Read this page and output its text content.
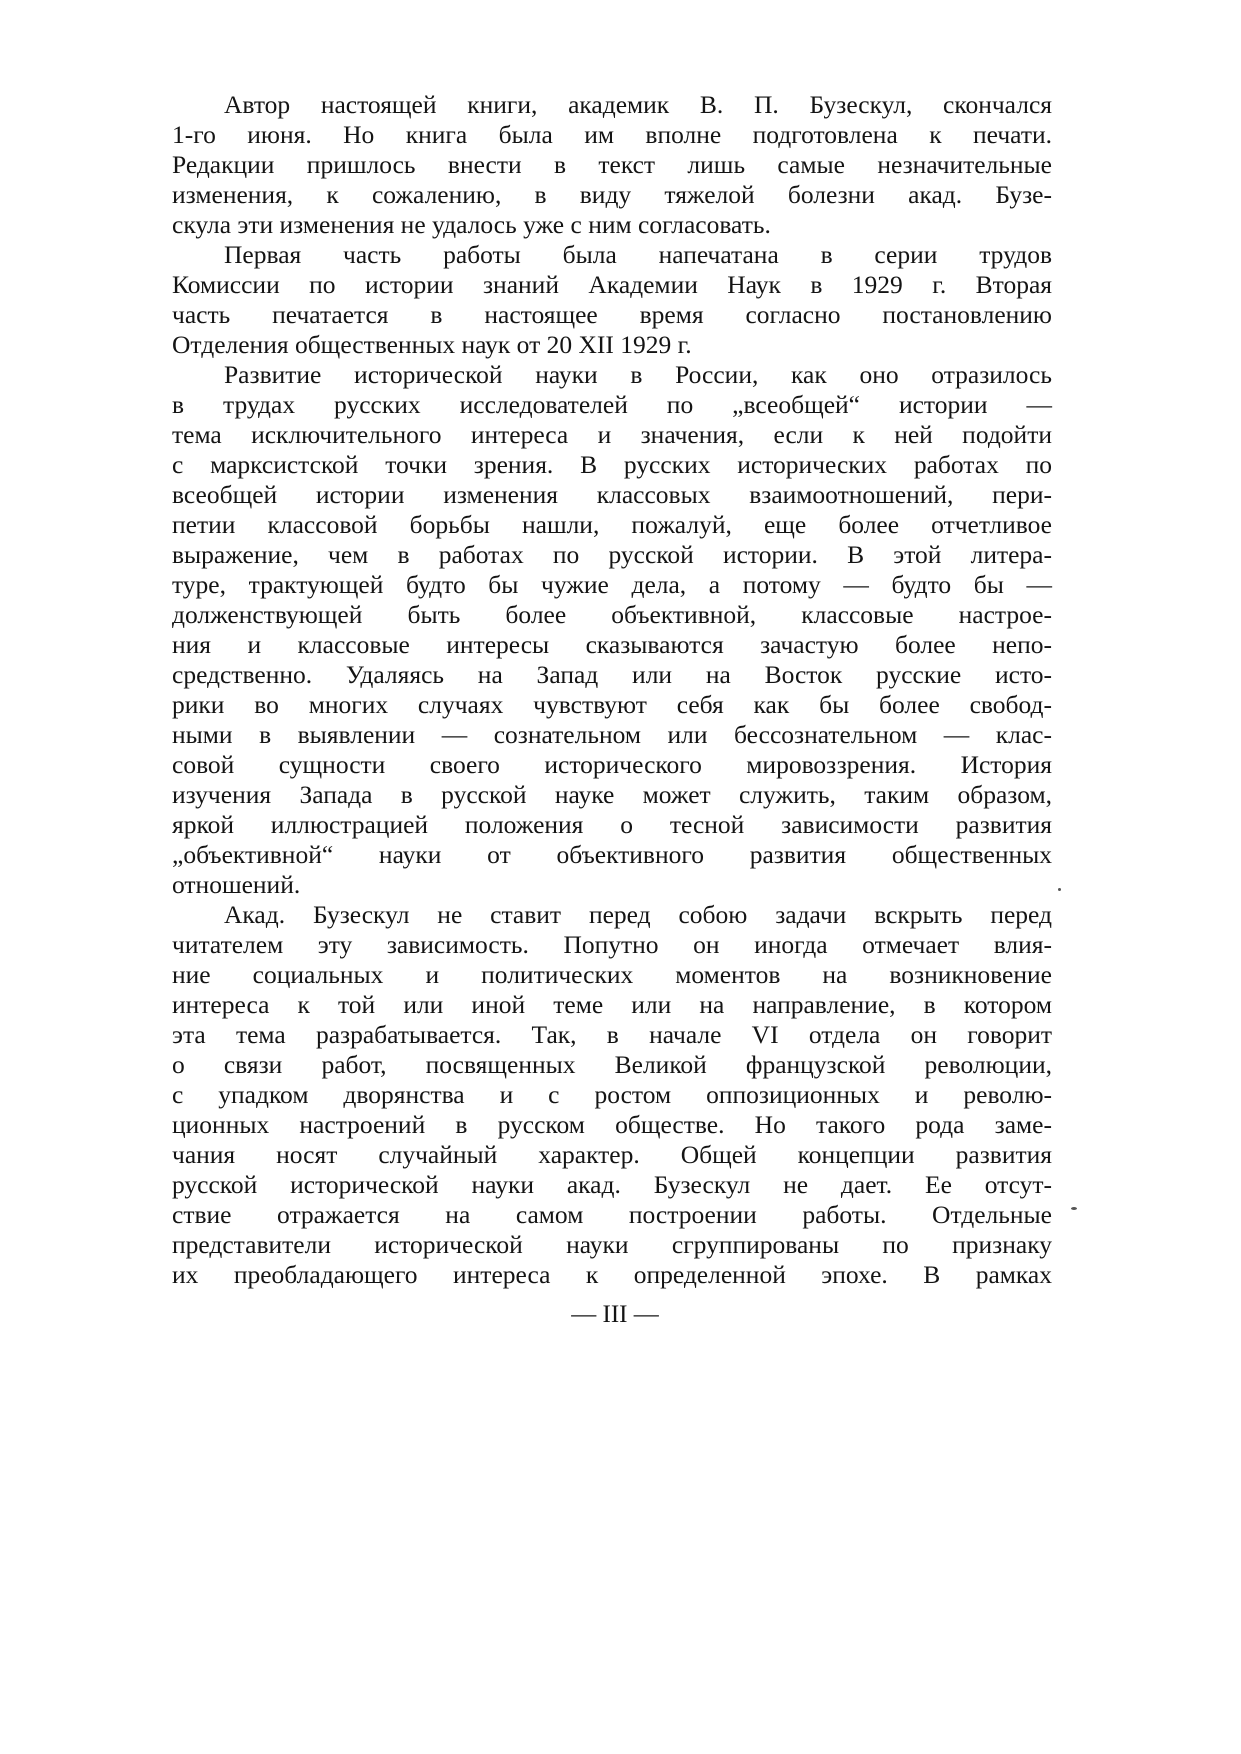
Автор настоящей книги, академик В. П. Бузескул, скончался
1-го июня. Но книга была им вполне подготовлена к печати.
Редакции пришлось внести в текст лишь самые незначительные
изменения, к сожалению, в виду тяжелой болезни акад. Бузе-
скула эти изменения не удалось уже с ним согласовать.
Первая часть работы была напечатана в серии трудов
Комиссии по истории знаний Академии Наук в 1929 г. Вторая
часть печатается в настоящее время согласно постановлению
Отделения общественных наук от 20 XII 1929 г.
Развитие исторической науки в России, как оно отразилось
в трудах русских исследователей по „всеобщей“ истории —
тема исключительного интереса и значения, если к ней подойти
с марксистской точки зрения. В русских исторических работах по
всеобщей истории изменения классовых взаимоотношений, пери-
петии классовой борьбы нашли, пожалуй, еще более отчетливое
выражение, чем в работах по русской истории. В этой литера-
туре, трактующей будто бы чужие дела, а потому — будто бы —
долженствующей быть более объективной, классовые настрое-
ния и классовые интересы сказываются зачастую более непо-
средственно. Удаляясь на Запад или на Восток русские исто-
рики во многих случаях чувствуют себя как бы более свобод-
ными в выявлении — сознательном или бессознательном — клас-
совой сущности своего исторического мировоззрения. История
изучения Запада в русской науке может служить, таким образом,
яркой иллюстрацией положения о тесной зависимости развития
„объективной“ науки от объективного развития общественных
отношений.
Акад. Бузескул не ставит перед собою задачи вскрыть перед
читателем эту зависимость. Попутно он иногда отмечает влия-
ние социальных и политических моментов на возникновение
интереса к той или иной теме или на направление, в котором
эта тема разрабатывается. Так, в начале VI отдела он говорит
о связи работ, посвященных Великой французской революции,
с упадком дворянства и с ростом оппозиционных и револю-
ционных настроений в русском обществе. Но такого рода заме-
чания носят случайный характер. Общей концепции развития
русской исторической науки акад. Бузескул не дает. Ее отсут-
ствие отражается на самом построении работы. Отдельные
представители исторической науки сгруппированы по признаку
их преобладающего интереса к определенной эпохе. В рамках
— III —
